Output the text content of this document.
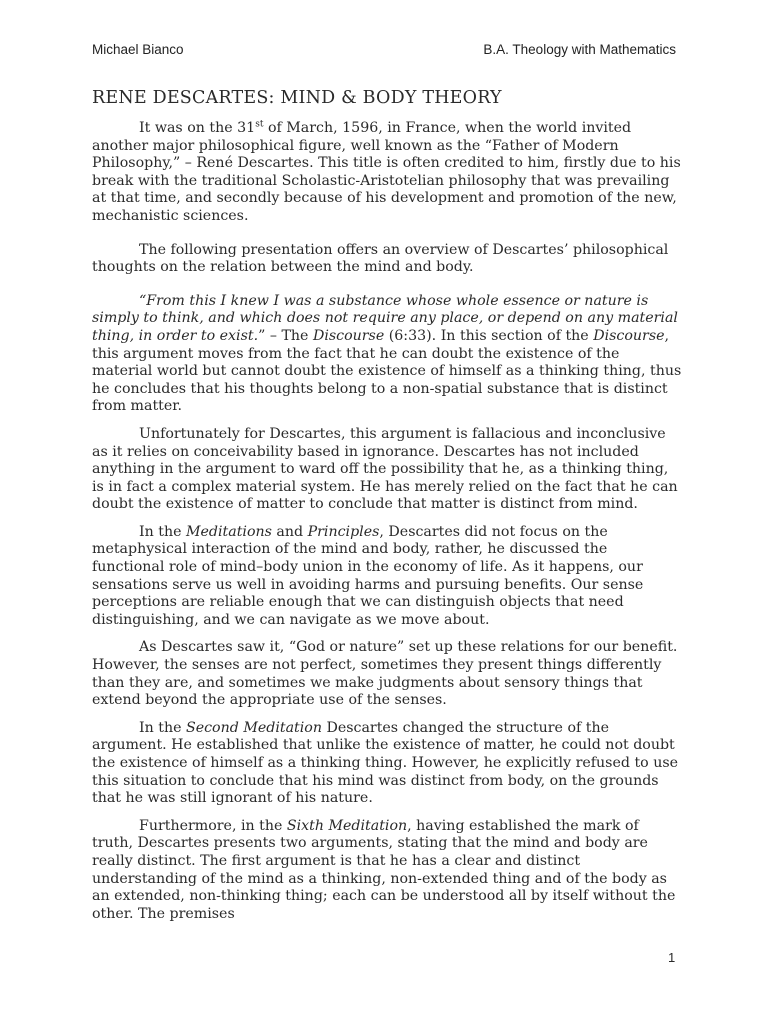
Michael Bianco	B.A. Theology with Mathematics
RENE DESCARTES: MIND & BODY THEORY

It was on the 31st of March, 1596, in France, when the world invited another major philosophical figure, well known as the “Father of Modern Philosophy,” – René Descartes. This title is often credited to him, firstly due to his break with the traditional Scholastic-Aristotelian philosophy that was prevailing at that time, and secondly because of his development and promotion of the new, mechanistic sciences.

The following presentation offers an overview of Descartes’ philosophical thoughts on the relation between the mind and body.

“From this I knew I was a substance whose whole essence or nature is simply to think, and which does not require any place, or depend on any material thing, in order to exist.” – The Discourse (6:33). In this section of the Discourse, this argument moves from the fact that he can doubt the existence of the material world but cannot doubt the existence of himself as a thinking thing, thus he concludes that his thoughts belong to a non-spatial substance that is distinct from matter.

Unfortunately for Descartes, this argument is fallacious and inconclusive as it relies on conceivability based in ignorance. Descartes has not included anything in the argument to ward off the possibility that he, as a thinking thing, is in fact a complex material system. He has merely relied on the fact that he can doubt the existence of matter to conclude that matter is distinct from mind.

In the Meditations and Principles, Descartes did not focus on the metaphysical interaction of the mind and body, rather, he discussed the functional role of mind–body union in the economy of life. As it happens, our sensations serve us well in avoiding harms and pursuing benefits. Our sense perceptions are reliable enough that we can distinguish objects that need distinguishing, and we can navigate as we move about.

As Descartes saw it, “God or nature” set up these relations for our benefit. However, the senses are not perfect, sometimes they present things differently than they are, and sometimes we make judgments about sensory things that extend beyond the appropriate use of the senses.

In the Second Meditation Descartes changed the structure of the argument. He established that unlike the existence of matter, he could not doubt the existence of himself as a thinking thing. However, he explicitly refused to use this situation to conclude that his mind was distinct from body, on the grounds that he was still ignorant of his nature.

Furthermore, in the Sixth Meditation, having established the mark of truth, Descartes presents two arguments, stating that the mind and body are really distinct. The first argument is that he has a clear and distinct understanding of the mind as a thinking, non-extended thing and of the body as an extended, non-thinking thing; each can be understood all by itself without the other. The premises

1
